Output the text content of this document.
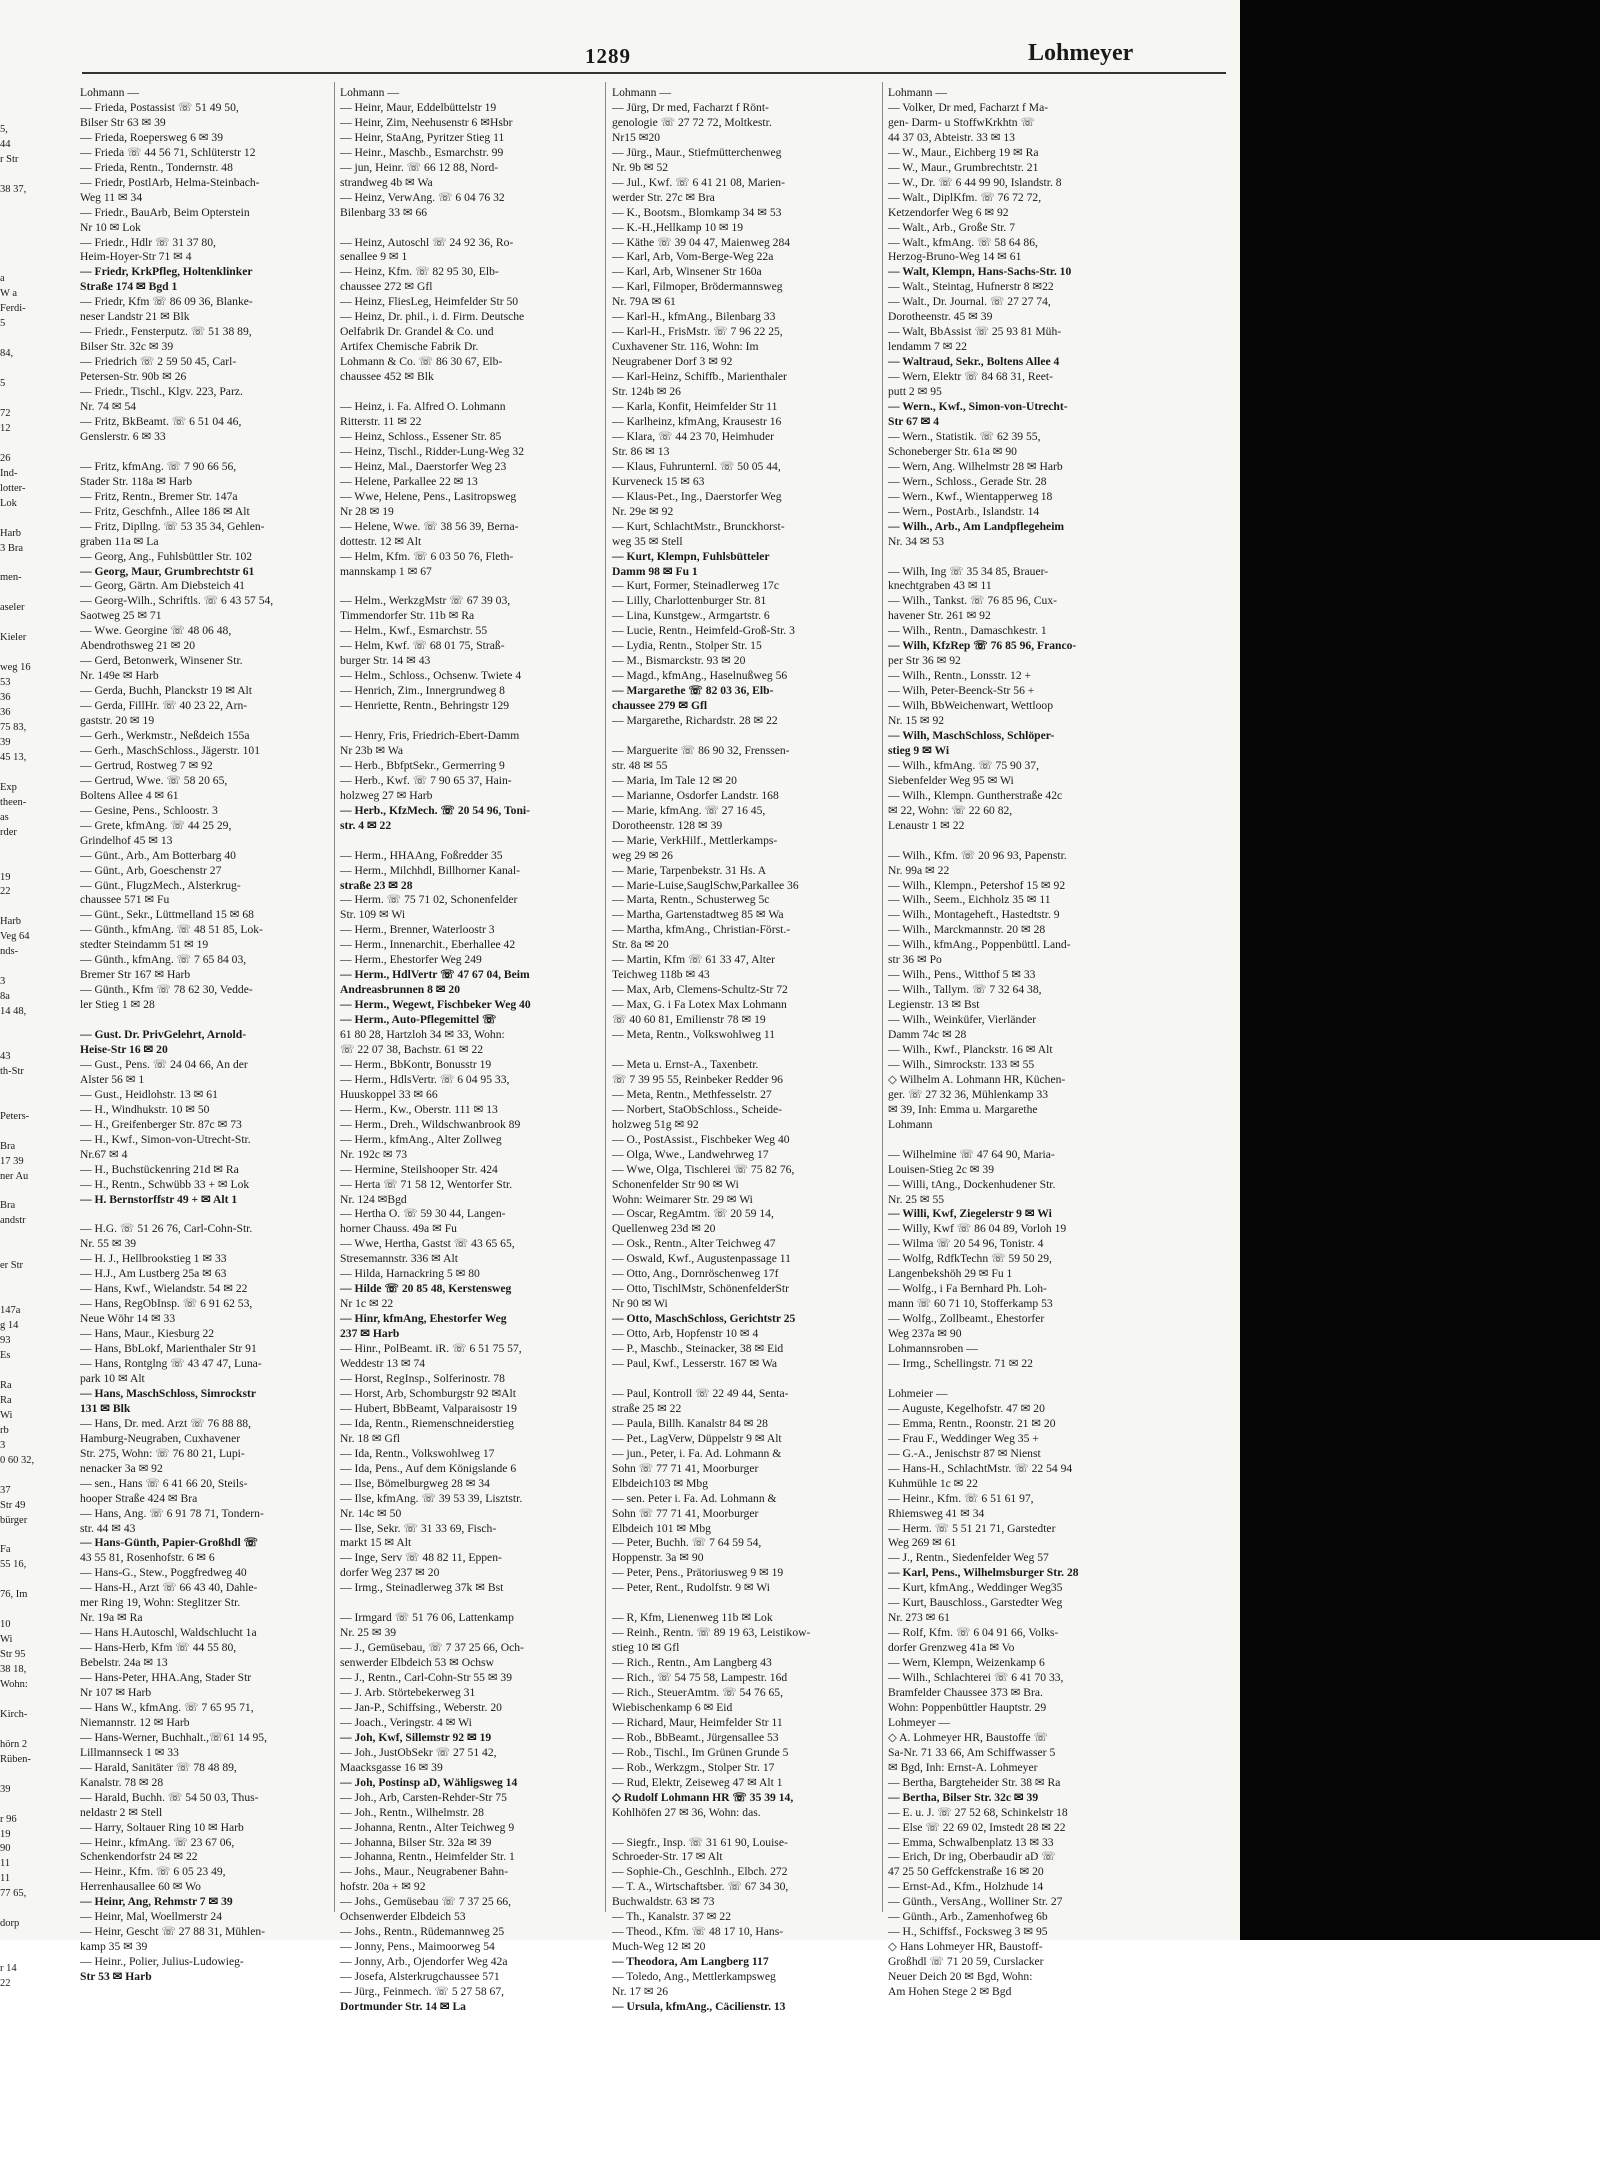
1289	Lohmeyer

5,
44
r Str

38 37,

a
W a
Ferdi-
5

84,

5

72
12

26
Ind-
lotter-
Lok

Harb
3 Bra

men-

aseler

Kieler

weg 16
53
36
36
75 83,
39
45 13,

Exp
theen-
as
rder

19
22

Harb
Veg 64
nds-

3
8a
14 48,

43
th-Str

Peters-

Bra
17 39
ner Au

Bra
andstr

er Str

147a
g 14
93
Es

Ra
Ra
Wi
rb
3
0 60 32,

37
Str 49
bürger

Fa
55 16,

76, Im

10
Wi
Str 95
38 18,
Wohn:

Kirch-

hörn 2
Rüben-

39

r 96
19
90
11
11
77 65,

dorp

r 14
22
Lohmann —
— Frieda, Postassist ☏ 51 49 50,
Bilser Str 63 ✉ 39
— Frieda, Roepersweg 6 ✉ 39
— Frieda ☏ 44 56 71, Schlüterstr 12
— Frieda, Rentn., Tondernstr. 48
— Friedr, PostlArb, Helma-Steinbach-
Weg 11 ✉ 34
— Friedr., BauArb, Beim Opterstein
Nr 10 ✉ Lok
— Friedr., Hdlr ☏ 31 37 80,
Heim-Hoyer-Str 71 ✉ 4
— Friedr, KrkPfleg, Holtenklinker
Straße 174 ✉ Bgd 1
— Friedr, Kfm ☏ 86 09 36, Blanke-
neser Landstr 21 ✉ Blk
— Friedr., Fensterputz. ☏ 51 38 89,
Bilser Str. 32c ✉ 39
— Friedrich ☏ 2 59 50 45, Carl-
Petersen-Str. 90b ✉ 26
— Friedr., Tischl., Klgv. 223, Parz.
Nr. 74 ✉ 54
— Fritz, BkBeamt. ☏ 6 51 04 46,
Genslerstr. 6 ✉ 33

— Fritz, kfmAng. ☏ 7 90 66 56,
Stader Str. 118a ✉ Harb
— Fritz, Rentn., Bremer Str. 147a
— Fritz, Geschfnh., Allee 186 ✉ Alt
— Fritz, Dipllng. ☏ 53 35 34, Gehlen-
graben 11a ✉ La
— Georg, Ang., Fuhlsbüttler Str. 102
— Georg, Maur, Grumbrechtstr 61
— Georg, Gärtn. Am Diebsteich 41
— Georg-Wilh., Schriftls. ☏ 6 43 57 54,
Saotweg 25 ✉ 71
— Wwe. Georgine ☏ 48 06 48,
Abendrothsweg 21 ✉ 20
— Gerd, Betonwerk, Winsener Str.
Nr. 149e ✉ Harb
— Gerda, Buchh, Planckstr 19 ✉ Alt
— Gerda, FillHr. ☏ 40 23 22, Arn-
gaststr. 20 ✉ 19
— Gerh., Werkmstr., Neßdeich 155a
— Gerh., MaschSchloss., Jägerstr. 101
— Gertrud, Rostweg 7 ✉ 92
— Gertrud, Wwe. ☏ 58 20 65,
Boltens Allee 4 ✉ 61
— Gesine, Pens., Schloostr. 3
— Grete, kfmAng. ☏ 44 25 29,
Grindelhof 45 ✉ 13
— Günt., Arb., Am Botterbarg 40
— Günt., Arb, Goeschenstr 27
— Günt., FlugzMech., Alsterkrug-
chaussee 571 ✉ Fu
— Günt., Sekr., Lüttmelland 15 ✉ 68
— Günth., kfmAng. ☏ 48 51 85, Lok-
stedter Steindamm 51 ✉ 19
— Günth., kfmAng. ☏ 7 65 84 03,
Bremer Str 167 ✉ Harb
— Günth., Kfm ☏ 78 62 30, Vedde-
ler Stieg 1 ✉ 28

— Gust. Dr. PrivGelehrt, Arnold-
Heise-Str 16 ✉ 20
— Gust., Pens. ☏ 24 04 66, An der
Alster 56 ✉ 1
— Gust., Heidlohstr. 13 ✉ 61
— H., Windhukstr. 10 ✉ 50
— H., Greifenberger Str. 87c ✉ 73
— H., Kwf., Simon-von-Utrecht-Str.
Nr.67 ✉ 4
— H., Buchstückenring 21d ✉ Ra
— H., Rentn., Schwübb 33 + ✉ Lok
— H. Bernstorffstr 49 + ✉ Alt 1

— H.G. ☏ 51 26 76, Carl-Cohn-Str.
Nr. 55 ✉ 39
— H. J., Hellbrookstieg 1 ✉ 33
— H.J., Am Lustberg 25a ✉ 63
— Hans, Kwf., Wielandstr. 54 ✉ 22
— Hans, RegObInsp. ☏ 6 91 62 53,
Neue Wöhr 14 ✉ 33
— Hans, Maur., Kiesburg 22
— Hans, BbLokf, Marienthaler Str 91
— Hans, Rontglng ☏ 43 47 47, Luna-
park 10 ✉ Alt
— Hans, MaschSchloss, Simrockstr
131 ✉ Blk
— Hans, Dr. med. Arzt ☏ 76 88 88,
Hamburg-Neugraben, Cuxhavener
Str. 275, Wohn: ☏ 76 80 21, Lupi-
nenacker 3a ✉ 92
— sen., Hans ☏ 6 41 66 20, Steils-
hooper Straße 424 ✉ Bra
— Hans, Ang. ☏ 6 91 78 71, Tondern-
str. 44 ✉ 43
— Hans-Günth, Papier-Großhdl ☏
43 55 81, Rosenhofstr. 6 ✉ 6
— Hans-G., Stew., Poggfredweg 40
— Hans-H., Arzt ☏ 66 43 40, Dahle-
mer Ring 19, Wohn: Steglitzer Str.
Nr. 19a ✉ Ra
— Hans H.Autoschl, Waldschlucht 1a
— Hans-Herb, Kfm ☏ 44 55 80,
Bebelstr. 24a ✉ 13
— Hans-Peter, HHA.Ang, Stader Str
Nr 107 ✉ Harb
— Hans W., kfmAng. ☏ 7 65 95 71,
Niemannstr. 12 ✉ Harb
— Hans-Werner, Buchhalt.,☏61 14 95,
Lillmannseck 1 ✉ 33
— Harald, Sanitäter ☏ 78 48 89,
Kanalstr. 78 ✉ 28
— Harald, Buchh. ☏ 54 50 03, Thus-
neldastr 2 ✉ Stell
— Harry, Soltauer Ring 10 ✉ Harb
— Heinr., kfmAng. ☏ 23 67 06,
Schenkendorfstr 24 ✉ 22
— Heinr., Kfm. ☏ 6 05 23 49,
Herrenhausallee 60 ✉ Wo
— Heinr, Ang, Rehmstr 7 ✉ 39
— Heinr, Mal, Woellmerstr 24
— Heinr, Gescht ☏ 27 88 31, Mühlen-
kamp 35 ✉ 39
— Heinr., Polier, Julius-Ludowieg-
Str 53 ✉ Harb
Lohmann —
— Heinr, Maur, Eddelbüttelstr 19
— Heinr, Zim, Neehusenstr 6 ✉Hsbr
— Heinr, StaAng, Pyritzer Stieg 11
— Heinr., Maschb., Esmarchstr. 99
— jun, Heinr. ☏ 66 12 88, Nord-
strandweg 4b ✉ Wa
— Heinz, VerwAng. ☏ 6 04 76 32
Bilenbarg 33 ✉ 66

— Heinz, Autoschl ☏ 24 92 36, Ro-
senallee 9 ✉ 1
— Heinz, Kfm. ☏ 82 95 30, Elb-
chaussee 272 ✉ Gfl
— Heinz, FliesLeg, Heimfelder Str 50
— Heinz, Dr. phil., i. d. Firm. Deutsche
Oelfabrik Dr. Grandel & Co. und
Artifex Chemische Fabrik Dr.
Lohmann & Co. ☏ 86 30 67, Elb-
chaussee 452 ✉ Blk

— Heinz, i. Fa. Alfred O. Lohmann
Ritterstr. 11 ✉ 22
— Heinz, Schloss., Essener Str. 85
— Heinz, Tischl., Ridder-Lung-Weg 32
— Heinz, Mal., Daerstorfer Weg 23
— Helene, Parkallee 22 ✉ 13
— Wwe, Helene, Pens., Lasitropsweg
Nr 28 ✉ 19
— Helene, Wwe. ☏ 38 56 39, Berna-
dottestr. 12 ✉ Alt
— Helm, Kfm. ☏ 6 03 50 76, Fleth-
mannskamp 1 ✉ 67

— Helm., WerkzgMstr ☏ 67 39 03,
Timmendorfer Str. 11b ✉ Ra
— Helm., Kwf., Esmarchstr. 55
— Helm, Kwf. ☏ 68 01 75, Straß-
burger Str. 14 ✉ 43
— Helm., Schloss., Ochsenw. Twiete 4
— Henrich, Zim., Innergrundweg 8
— Henriette, Rentn., Behringstr 129

— Henry, Fris, Friedrich-Ebert-Damm
Nr 23b ✉ Wa
— Herb., BbfptSekr., Germerring 9
— Herb., Kwf. ☏ 7 90 65 37, Hain-
holzweg 27 ✉ Harb
— Herb., KfzMech. ☏ 20 54 96, Toni-
str. 4 ✉ 22

— Herm., HHAAng, Foßredder 35
— Herm., Milchhdl, Billhorner Kanal-
straße 23 ✉ 28
— Herm. ☏ 75 71 02, Schonenfelder
Str. 109 ✉ Wi
— Herm., Brenner, Waterloostr 3
— Herm., Innenarchit., Eberhallee 42
— Herm., Ehestorfer Weg 249
— Herm., HdlVertr ☏ 47 67 04, Beim
Andreasbrunnen 8 ✉ 20
— Herm., Wegewt, Fischbeker Weg 40
— Herm., Auto-Pflegemittel ☏
61 80 28, Hartzloh 34 ✉ 33, Wohn:
☏ 22 07 38, Bachstr. 61 ✉ 22
— Herm., BbKontr, Bonusstr 19
— Herm., HdlsVertr. ☏ 6 04 95 33,
Huuskoppel 33 ✉ 66
— Herm., Kw., Oberstr. 111 ✉ 13
— Herm., Dreh., Wildschwanbrook 89
— Herm., kfmAng., Alter Zollweg
Nr. 192c ✉ 73
— Hermine, Steilshooper Str. 424
— Herta ☏ 71 58 12, Wentorfer Str.
Nr. 124 ✉Bgd
— Hertha O. ☏ 59 30 44, Langen-
horner Chauss. 49a ✉ Fu
— Wwe, Hertha, Gastst ☏ 43 65 65,
Stresemannstr. 336 ✉ Alt
— Hilda, Harnackring 5 ✉ 80
— Hilde ☏ 20 85 48, Kerstensweg
Nr 1c ✉ 22
— Hinr, kfmAng, Ehestorfer Weg
237 ✉ Harb
— Hinr., PolBeamt. iR. ☏ 6 51 75 57,
Weddestr 13 ✉ 74
— Horst, RegInsp., Solferinostr. 78
— Horst, Arb, Schomburgstr 92 ✉Alt
— Hubert, BbBeamt, Valparaisostr 19
— Ida, Rentn., Riemenschneiderstieg
Nr. 18 ✉ Gfl
— Ida, Rentn., Volkswohlweg 17
— Ida, Pens., Auf dem Königslande 6
— Ilse, Bömelburgweg 28 ✉ 34
— Ilse, kfmAng. ☏ 39 53 39, Lisztstr.
Nr. 14c ✉ 50
— Ilse, Sekr. ☏ 31 33 69, Fisch-
markt 15 ✉ Alt
— Inge, Serv ☏ 48 82 11, Eppen-
dorfer Weg 237 ✉ 20
— Irmg., Steinadlerweg 37k ✉ Bst

— Irmgard ☏ 51 76 06, Lattenkamp
Nr. 25 ✉ 39
— J., Gemüsebau, ☏ 7 37 25 66, Och-
senwerder Elbdeich 53 ✉ Ochsw
— J., Rentn., Carl-Cohn-Str 55 ✉ 39
— J. Arb. Störtebekerweg 31
— Jan-P., Schiffsing., Weberstr. 20
— Joach., Veringstr. 4 ✉ Wi
— Joh, Kwf, Sillemstr 92 ✉ 19
— Joh., JustObSekr ☏ 27 51 42,
Maacksgasse 16 ✉ 39
— Joh, Postinsp aD, Wähligsweg 14
— Joh., Arb, Carsten-Rehder-Str 75
— Joh., Rentn., Wilhelmstr. 28
— Johanna, Rentn., Alter Teichweg 9
— Johanna, Bilser Str. 32a ✉ 39
— Johanna, Rentn., Heimfelder Str. 1
— Johs., Maur., Neugrabener Bahn-
hofstr. 20a + ✉ 92
— Johs., Gemüsebau ☏ 7 37 25 66,
Ochsenwerder Elbdeich 53
— Johs., Rentn., Rüdemannweg 25
— Jonny, Pens., Maimoorweg 54
— Jonny, Arb., Ojendorfer Weg 42a
— Josefa, Alsterkrugchaussee 571
— Jürg., Feinmech. ☏ 5 27 58 67,
Dortmunder Str. 14 ✉ La
Lohmann —
— Jürg, Dr med, Facharzt f Rönt-
genologie ☏ 27 72 72, Moltkestr.
Nr15 ✉20
— Jürg., Maur., Stiefmütterchenweg
Nr. 9b ✉ 52
— Jul., Kwf. ☏ 6 41 21 08, Marien-
werder Str. 27c ✉ Bra
— K., Bootsm., Blomkamp 34 ✉ 53
— K.-H.,Hellkamp 10 ✉ 19
— Käthe ☏ 39 04 47, Maienweg 284
— Karl, Arb, Vom-Berge-Weg 22a
— Karl, Arb, Winsener Str 160a
— Karl, Filmoper, Brödermannsweg
Nr. 79A ✉ 61
— Karl-H., kfmAng., Bilenbarg 33
— Karl-H., FrisMstr. ☏ 7 96 22 25,
Cuxhavener Str. 116, Wohn: Im
Neugrabener Dorf 3 ✉ 92
— Karl-Heinz, Schiffb., Marienthaler
Str. 124b ✉ 26
— Karla, Konfit, Heimfelder Str 11
— Karlheinz, kfmAng, Krausestr 16
— Klara, ☏ 44 23 70, Heimhuder
Str. 86 ✉ 13
— Klaus, Fuhrunternl. ☏ 50 05 44,
Kurveneck 15 ✉ 63
— Klaus-Pet., Ing., Daerstorfer Weg
Nr. 29e ✉ 92
— Kurt, SchlachtMstr., Brunckhorst-
weg 35 ✉ Stell
— Kurt, Klempn, Fuhlsbütteler
Damm 98 ✉ Fu 1
— Kurt, Former, Steinadlerweg 17c
— Lilly, Charlottenburger Str. 81
— Lina, Kunstgew., Armgartstr. 6
— Lucie, Rentn., Heimfeld-Groß-Str. 3
— Lydia, Rentn., Stolper Str. 15
— M., Bismarckstr. 93 ✉ 20
— Magd., kfmAng., Haselnußweg 56
— Margarethe ☏ 82 03 36, Elb-
chaussee 279 ✉ Gfl
— Margarethe, Richardstr. 28 ✉ 22

— Marguerite ☏ 86 90 32, Frenssen-
str. 48 ✉ 55
— Maria, Im Tale 12 ✉ 20
— Marianne, Osdorfer Landstr. 168
— Marie, kfmAng. ☏ 27 16 45,
Dorotheenstr. 128 ✉ 39
— Marie, VerkHilf., Mettlerkamps-
weg 29 ✉ 26
— Marie, Tarpenbekstr. 31 Hs. A
— Marie-Luise,SauglSchw,Parkallee 36
— Marta, Rentn., Schusterweg 5c
— Martha, Gartenstadtweg 85 ✉ Wa
— Martha, kfmAng., Christian-Först.-
Str. 8a ✉ 20
— Martin, Kfm ☏ 61 33 47, Alter
Teichweg 118b ✉ 43
— Max, Arb, Clemens-Schultz-Str 72
— Max, G. i Fa Lotex Max Lohmann
☏ 40 60 81, Emilienstr 78 ✉ 19
— Meta, Rentn., Volkswohlweg 11

— Meta u. Ernst-A., Taxenbetr.
☏ 7 39 95 55, Reinbeker Redder 96
— Meta, Rentn., Methfesselstr. 27
— Norbert, StaObSchloss., Scheide-
holzweg 51g ✉ 92
— O., PostAssist., Fischbeker Weg 40
— Olga, Wwe., Landwehrweg 17
— Wwe, Olga, Tischlerei ☏ 75 82 76,
Schonenfelder Str 90 ✉ Wi
Wohn: Weimarer Str. 29 ✉ Wi
— Oscar, RegAmtm. ☏ 20 59 14,
Quellenweg 23d ✉ 20
— Osk., Rentn., Alter Teichweg 47
— Oswald, Kwf., Augustenpassage 11
— Otto, Ang., Dornröschenweg 17f
— Otto, TischlMstr, SchönenfelderStr
Nr 90 ✉ Wi
— Otto, MaschSchloss, Gerichtstr 25
— Otto, Arb, Hopfenstr 10 ✉ 4
— P., Maschb., Steinacker, 38 ✉ Eid
— Paul, Kwf., Lesserstr. 167 ✉ Wa

— Paul, Kontroll ☏ 22 49 44, Senta-
straße 25 ✉ 22
— Paula, Billh. Kanalstr 84 ✉ 28
— Pet., LagVerw, Düppelstr 9 ✉ Alt
— jun., Peter, i. Fa. Ad. Lohmann &
Sohn ☏ 77 71 41, Moorburger
Elbdeich103 ✉ Mbg
— sen. Peter i. Fa. Ad. Lohmann &
Sohn ☏ 77 71 41, Moorburger
Elbdeich 101 ✉ Mbg
— Peter, Buchh. ☏ 7 64 59 54,
Hoppenstr. 3a ✉ 90
— Peter, Pens., Prätoriusweg 9 ✉ 19
— Peter, Rent., Rudolfstr. 9 ✉ Wi

— R, Kfm, Lienenweg 11b ✉ Lok
— Reinh., Rentn. ☏ 89 19 63, Leistikow-
stieg 10 ✉ Gfl
— Rich., Rentn., Am Langberg 43
— Rich., ☏ 54 75 58, Lampestr. 16d
— Rich., SteuerAmtm. ☏ 54 76 65,
Wiebischenkamp 6 ✉ Eid
— Richard, Maur, Heimfelder Str 11
— Rob., BbBeamt., Jürgensallee 53
— Rob., Tischl., Im Grünen Grunde 5
— Rob., Werkzgm., Stolper Str. 17
— Rud, Elektr, Zeiseweg 47 ✉ Alt 1
◇ Rudolf Lohmann HR ☏ 35 39 14,
Kohlhöfen 27 ✉ 36, Wohn: das.

— Siegfr., Insp. ☏ 31 61 90, Louise-
Schroeder-Str. 17 ✉ Alt
— Sophie-Ch., Geschlnh., Elbch. 272
— T. A., Wirtschaftsber. ☏ 67 34 30,
Buchwaldstr. 63 ✉ 73
— Th., Kanalstr. 37 ✉ 22
— Theod., Kfm. ☏ 48 17 10, Hans-
Much-Weg 12 ✉ 20
— Theodora, Am Langberg 117
— Toledo, Ang., Mettlerkampsweg
Nr. 17 ✉ 26
— Ursula, kfmAng., Cäcilienstr. 13
Lohmann —
— Volker, Dr med, Facharzt f Ma-
gen- Darm- u StoffwKrkhtn ☏
44 37 03, Abteistr. 33 ✉ 13
— W., Maur., Eichberg 19 ✉ Ra
— W., Maur., Grumbrechtstr. 21
— W., Dr. ☏ 6 44 99 90, Islandstr. 8
— Walt., DiplKfm. ☏ 76 72 72,
Ketzendorfer Weg 6 ✉ 92
— Walt., Arb., Große Str. 7
— Walt., kfmAng. ☏ 58 64 86,
Herzog-Bruno-Weg 14 ✉ 61
— Walt, Klempn, Hans-Sachs-Str. 10
— Walt., Steintag, Hufnerstr 8 ✉22
— Walt., Dr. Journal. ☏ 27 27 74,
Dorotheenstr. 45 ✉ 39
— Walt, BbAssist ☏ 25 93 81 Müh-
lendamm 7 ✉ 22
— Waltraud, Sekr., Boltens Allee 4
— Wern, Elektr ☏ 84 68 31, Reet-
putt 2 ✉ 95
— Wern., Kwf., Simon-von-Utrecht-
Str 67 ✉ 4
— Wern., Statistik. ☏ 62 39 55,
Schoneberger Str. 61a ✉ 90
— Wern, Ang. Wilhelmstr 28 ✉ Harb
— Wern., Schloss., Gerade Str. 28
— Wern., Kwf., Wientapperweg 18
— Wern., PostArb., Islandstr. 14
— Wilh., Arb., Am Landpflegeheim
Nr. 34 ✉ 53

— Wilh, Ing ☏ 35 34 85, Brauer-
knechtgraben 43 ✉ 11
— Wilh., Tankst. ☏ 76 85 96, Cux-
havener Str. 261 ✉ 92
— Wilh., Rentn., Damaschkestr. 1
— Wilh, KfzRep ☏ 76 85 96, Franco-
per Str 36 ✉ 92
— Wilh., Rentn., Lonsstr. 12 +
— Wilh, Peter-Beenck-Str 56 +
— Wilh, BbWeichenwart, Wettloop
Nr. 15 ✉ 92
— Wilh, MaschSchloss, Schlöper-
stieg 9 ✉ Wi
— Wilh., kfmAng. ☏ 75 90 37,
Siebenfelder Weg 95 ✉ Wi
— Wilh., Klempn. Guntherstraße 42c
✉ 22, Wohn: ☏ 22 60 82,
Lenaustr 1 ✉ 22

— Wilh., Kfm. ☏ 20 96 93, Papenstr.
Nr. 99a ✉ 22
— Wilh., Klempn., Petershof 15 ✉ 92
— Wilh., Seem., Eichholz 35 ✉ 11
— Wilh., Montageheft., Hastedtstr. 9
— Wilh., Marckmannstr. 20 ✉ 28
— Wilh., kfmAng., Poppenbüttl. Land-
str 36 ✉ Po
— Wilh., Pens., Witthof 5 ✉ 33
— Wilh., Tallym. ☏ 7 32 64 38,
Legienstr. 13 ✉ Bst
— Wilh., Weinküfer, Vierländer
Damm 74c ✉ 28
— Wilh., Kwf., Planckstr. 16 ✉ Alt
— Wilh., Simrockstr. 133 ✉ 55
◇ Wilhelm A. Lohmann HR, Küchen-
ger. ☏ 27 32 36, Mühlenkamp 33
✉ 39, Inh: Emma u. Margarethe
Lohmann

— Wilhelmine ☏ 47 64 90, Maria-
Louisen-Stieg 2c ✉ 39
— Willi, tAng., Dockenhudener Str.
Nr. 25 ✉ 55
— Willi, Kwf, Ziegelerstr 9 ✉ Wi
— Willy, Kwf ☏ 86 04 89, Vorloh 19
— Wilma ☏ 20 54 96, Tonistr. 4
— Wolfg, RdfkTechn ☏ 59 50 29,
Langenbekshöh 29 ✉ Fu 1
— Wolfg., i Fa Bernhard Ph. Loh-
mann ☏ 60 71 10, Stofferkamp 53
— Wolfg., Zollbeamt., Ehestorfer
Weg 237a ✉ 90
Lohmannsroben —
— Irmg., Schellingstr. 71 ✉ 22

Lohmeier —
— Auguste, Kegelhofstr. 47 ✉ 20
— Emma, Rentn., Roonstr. 21 ✉ 20
— Frau F., Weddinger Weg 35 +
— G.-A., Jenischstr 87 ✉ Nienst
— Hans-H., SchlachtMstr. ☏ 22 54 94
Kuhmühle 1c ✉ 22
— Heinr., Kfm. ☏ 6 51 61 97,
Rhiemsweg 41 ✉ 34
— Herm. ☏ 5 51 21 71, Garstedter
Weg 269 ✉ 61
— J., Rentn., Siedenfelder Weg 57
— Karl, Pens., Wilhelmsburger Str. 28
— Kurt, kfmAng., Weddinger Weg35
— Kurt, Bauschloss., Garstedter Weg
Nr. 273 ✉ 61
— Rolf, Kfm. ☏ 6 04 91 66, Volks-
dorfer Grenzweg 41a ✉ Vo
— Wern, Klempn, Weizenkamp 6
— Wilh., Schlachterei ☏ 6 41 70 33,
Bramfelder Chaussee 373 ✉ Bra.
Wohn: Poppenbüttler Hauptstr. 29
Lohmeyer —
◇ A. Lohmeyer HR, Baustoffe ☏
Sa-Nr. 71 33 66, Am Schiffwasser 5
✉ Bgd, Inh: Ernst-A. Lohmeyer
— Bertha, Bargteheider Str. 38 ✉ Ra
— Bertha, Bilser Str. 32c ✉ 39
— E. u. J. ☏ 27 52 68, Schinkelstr 18
— Else ☏ 22 69 02, Imstedt 28 ✉ 22
— Emma, Schwalbenplatz 13 ✉ 33
— Erich, Dr ing, Oberbaudir aD ☏
47 25 50 Geffckenstraße 16 ✉ 20
— Ernst-Ad., Kfm., Holzhude 14
— Günth., VersAng., Wolliner Str. 27
— Günth., Arb., Zamenhofweg 6b
— H., Schiffsf., Focksweg 3 ✉ 95
◇ Hans Lohmeyer HR, Baustoff-
Großhdl ☏ 71 20 59, Curslacker
Neuer Deich 20 ✉ Bgd, Wohn:
Am Hohen Stege 2 ✉ Bgd
